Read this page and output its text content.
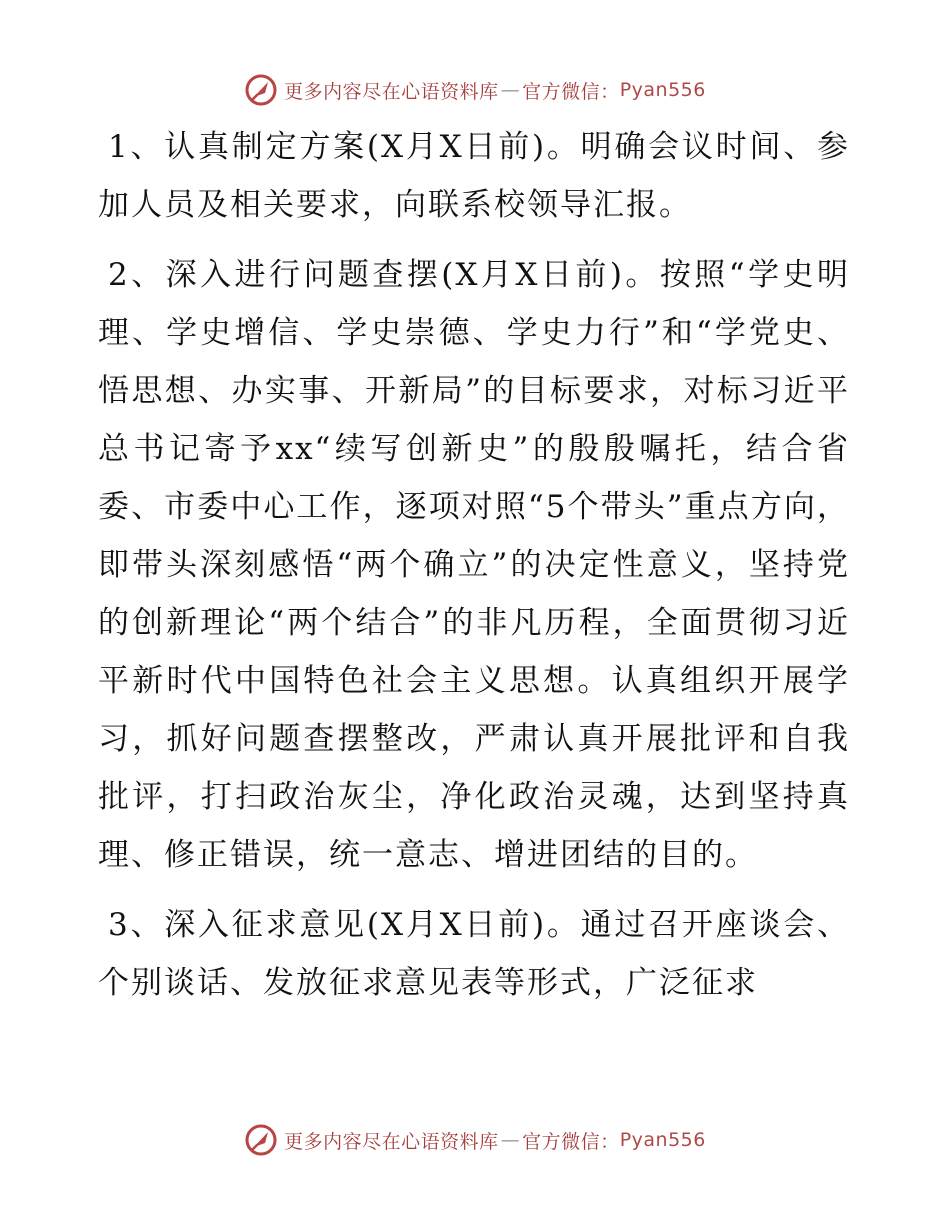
更多内容尽在心语资料库 — 官方微信： Pyan556

1、认真制定方案(X月X日前)。明确会议时间、参加人员及相关要求，向联系校领导汇报。

2、深入进行问题查摆(X月X日前)。按照“学史明理、学史增信、学史崇德、学史力行”和“学党史、悟思想、办实事、开新局”的目标要求，对标习近平总书记寄予xx“续写创新史”的殷殷嘱托，结合省委、市委中心工作，逐项对照“5个带头”重点方向，即带头深刻感悟“两个确立”的决定性意义，坚持党的创新理论“两个结合”的非凡历程，全面贯彻习近平新时代中国特色社会主义思想。认真组织开展学习，抓好问题查摆整改，严肃认真开展批评和自我批评，打扫政治灰尘，净化政治灵魂，达到坚持真理、修正错误，统一意志、增进团结的目的。

3、深入征求意见(X月X日前)。通过召开座谈会、个别谈话、发放征求意见表等形式，广泛征求

更多内容尽在心语资料库 — 官方微信： Pyan556
